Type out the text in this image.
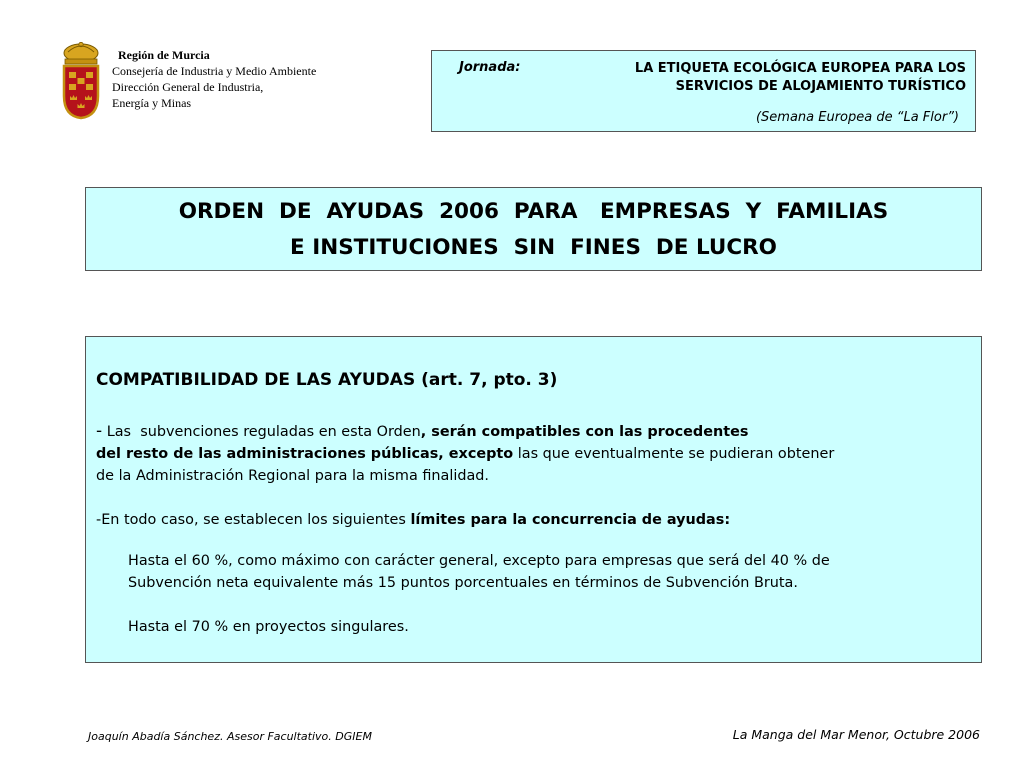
Región de Murcia
Consejería de Industria y Medio Ambiente
Dirección General de Industria,
Energía y Minas
Jornada:	LA ETIQUETA ECOLÓGICA EUROPEA PARA LOS
SERVICIOS DE ALOJAMIENTO TURÍSTICO
(Semana Europea de “La Flor”)
ORDEN  DE  AYUDAS  2006  PARA   EMPRESAS  Y  FAMILIAS
E INSTITUCIONES  SIN  FINES  DE LUCRO
COMPATIBILIDAD DE LAS AYUDAS (art. 7, pto. 3)
- Las  subvenciones reguladas en esta Orden, serán compatibles con las procedentes
del resto de las administraciones públicas, excepto las que eventualmente se pudieran obtener
de la Administración Regional para la misma finalidad.
-En todo caso, se establecen los siguientes límites para la concurrencia de ayudas:
Hasta el 60 %, como máximo con carácter general, excepto para empresas que será del 40 % de
Subvención neta equivalente más 15 puntos porcentuales en términos de Subvención Bruta.
Hasta el 70 % en proyectos singulares.
Joaquín Abadía Sánchez. Asesor Facultativo. DGIEM	La Manga del Mar Menor, Octubre 2006
